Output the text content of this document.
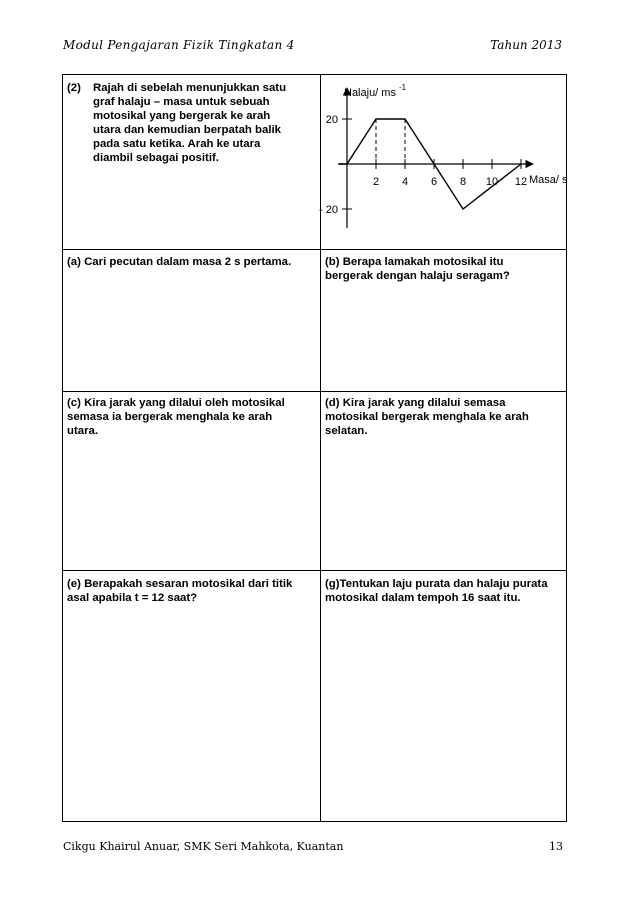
Modul Pengajaran Fizik Tingkatan 4	Tahun 2013
(2) Rajah di sebelah menunjukkan satu
graf halaju – masa untuk sebuah
motosikal yang bergerak ke arah
utara dan kemudian berpatah balik
pada satu ketika. Arah ke utara
diambil sebagai positif.
Halaju/ ms -1
Masa/ s
2 4 6 8 10 12
20
- 20
(a) Cari pecutan dalam masa 2 s pertama.	(b) Berapa lamakah motosikal itu
bergerak dengan halaju seragam?
(c) Kira jarak yang dilalui oleh motosikal
semasa ia bergerak menghala ke arah
utara.
(d) Kira jarak yang dilalui semasa
motosikal bergerak menghala ke arah
selatan.
(e) Berapakah sesaran motosikal dari titik
asal apabila t = 12 saat?
(g)Tentukan laju purata dan halaju purata
motosikal dalam tempoh 16 saat itu.
Cikgu Khairul Anuar, SMK Seri Mahkota, Kuantan	13
